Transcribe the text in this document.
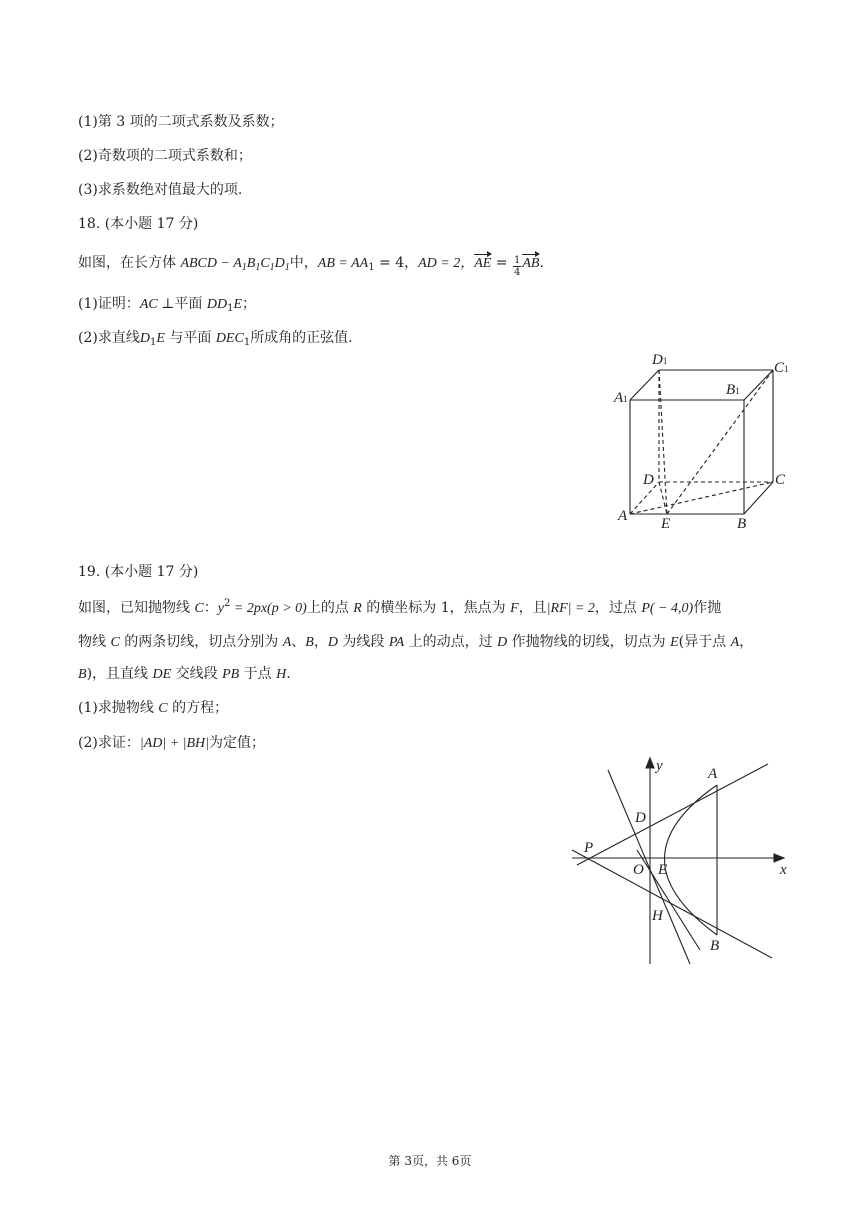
(1)第 3 项的二项式系数及系数；
(2)奇数项的二项式系数和；
(3)求系数绝对值最大的项.
18. (本小题 17 分)
如图，在长方体 ABCD − $A_1B_1C_1D_1$中，AB = $AA_1 = 4$，AD = 2，AE = $\frac{1}{4}$ AB.
(1)证明：AC ⊥平面 $DD_1E$；
(2)求直线$D_1E$ 与平面 $DEC_1$所成角的正弦值.
D1	C1
A1
B1
D	C
A E	B
19. (本小题 17 分)
如图，已知抛物线 C：$y^2 = 2px(p > 0)$上的点 R 的横坐标为 1，焦点为 F，且|RF| = 2，过点 P( − 4,0)作抛
物线 C 的两条切线，切点分别为 A、B，D 为线段 PA 上的动点，过 D 作抛物线的切线，切点为 E(异于点 A，
B)，且直线 DE 交线段 PB 于点 H.
(1)求抛物线 C 的方程；
(2)求证：|AD| + |BH|为定值；
y
x
A
B
D
P
O E
H
第 3页，共 6页
